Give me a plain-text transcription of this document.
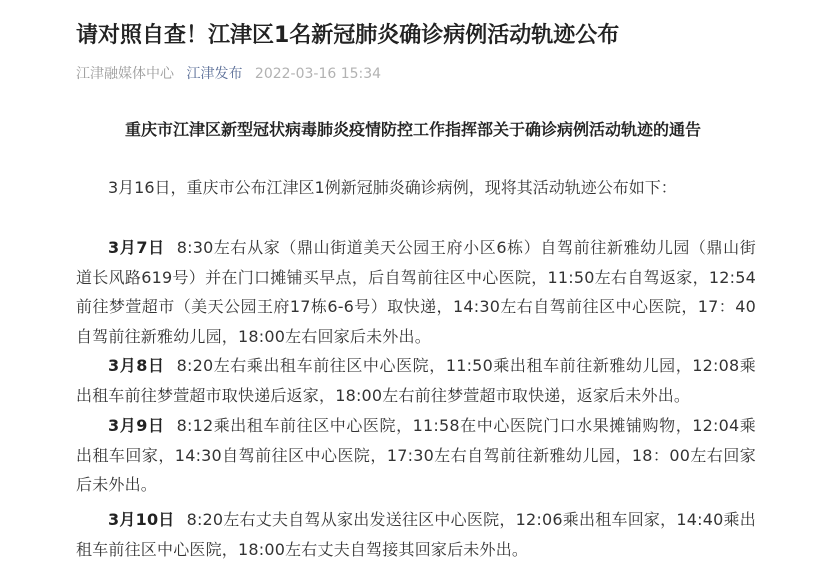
请对照自查！江津区1名新冠肺炎确诊病例活动轨迹公布
江津融媒体中心 江津发布 2022-03-16 15:34
重庆市江津区新型冠状病毒肺炎疫情防控工作指挥部关于确诊病例活动轨迹的通告

3月16日，重庆市公布江津区1例新冠肺炎确诊病例，现将其活动轨迹公布如下：

3月7日 8:30左右从家（鼎山街道美天公园王府小区6栋）自驾前往新雅幼儿园（鼎山街道长风路619号）并在门口摊铺买早点，后自驾前往区中心医院，11:50左右自驾返家，12:54前往梦萱超市（美天公园王府17栋6-6号）取快递，14:30左右自驾前往区中心医院，17：40自驾前往新雅幼儿园，18:00左右回家后未外出。

3月8日 8:20左右乘出租车前往区中心医院，11:50乘出租车前往新雅幼儿园，12:08乘出租车前往梦萱超市取快递后返家，18:00左右前往梦萱超市取快递，返家后未外出。

3月9日 8:12乘出租车前往区中心医院，11:58在中心医院门口水果摊铺购物，12:04乘出租车回家，14:30自驾前往区中心医院，17:30左右自驾前往新雅幼儿园，18：00左右回家后未外出。

3月10日 8:20左右丈夫自驾从家出发送往区中心医院，12:06乘出租车回家，14:40乘出租车前往区中心医院，18:00左右丈夫自驾接其回家后未外出。
